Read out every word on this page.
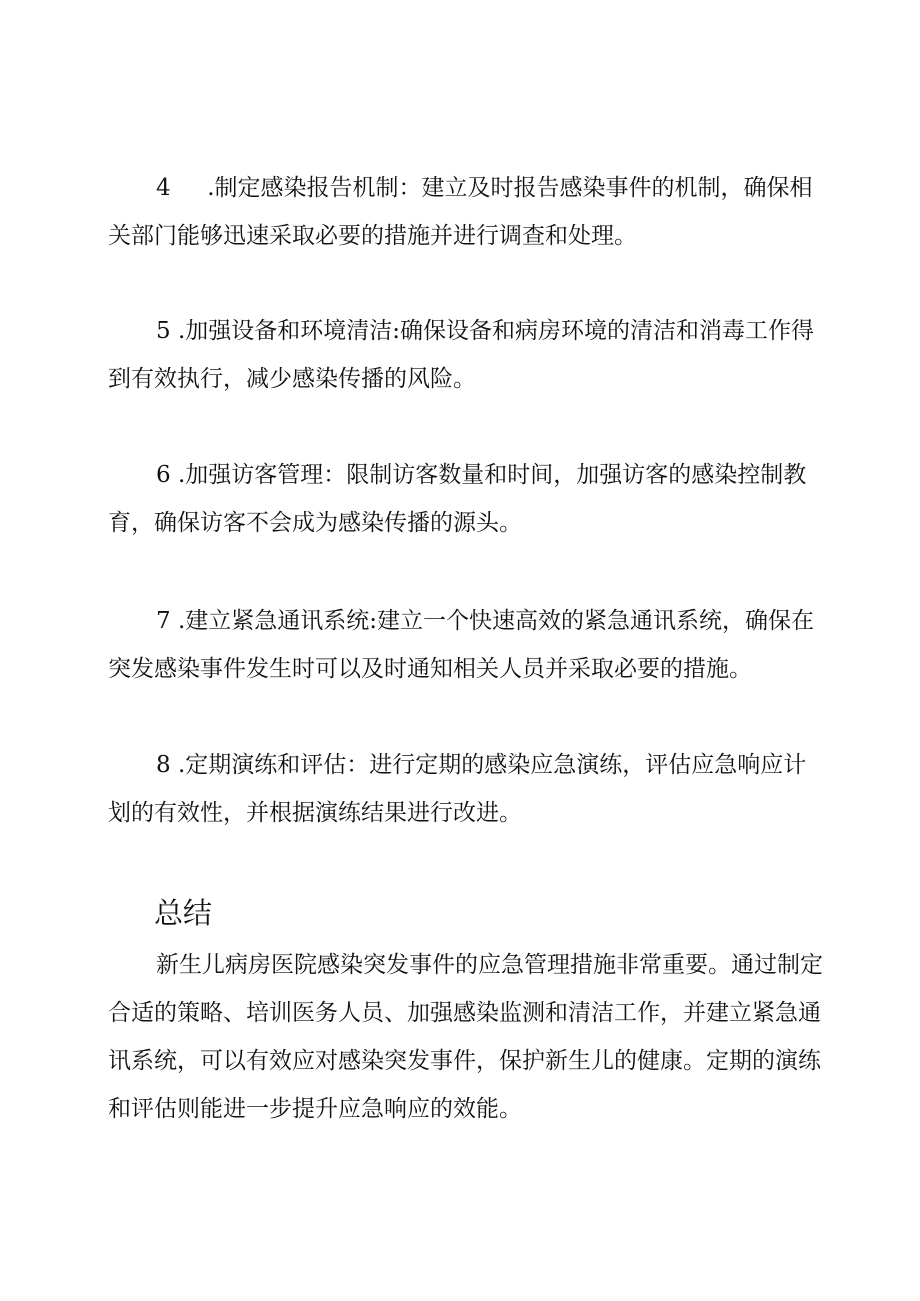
4 .制定感染报告机制：建立及时报告感染事件的机制，确保相
关部门能够迅速采取必要的措施并进行调查和处理。

5 .加强设备和环境清洁:确保设备和病房环境的清洁和消毒工作得
到有效执行，减少感染传播的风险。

6 .加强访客管理：限制访客数量和时间，加强访客的感染控制教
育，确保访客不会成为感染传播的源头。

7 .建立紧急通讯系统:建立一个快速高效的紧急通讯系统，确保在
突发感染事件发生时可以及时通知相关人员并采取必要的措施。

8 .定期演练和评估：进行定期的感染应急演练，评估应急响应计
划的有效性，并根据演练结果进行改进。

总结

新生儿病房医院感染突发事件的应急管理措施非常重要。通过制定
合适的策略、培训医务人员、加强感染监测和清洁工作，并建立紧急通
讯系统，可以有效应对感染突发事件，保护新生儿的健康。定期的演练
和评估则能进一步提升应急响应的效能。
